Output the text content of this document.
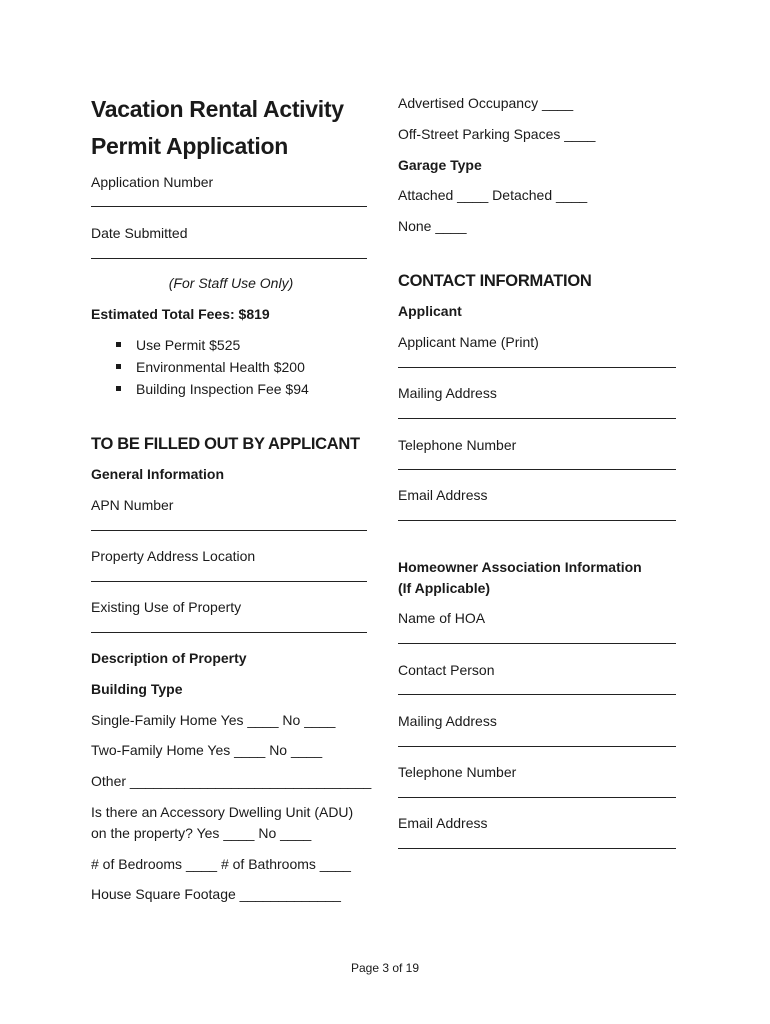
Vacation Rental Activity
Permit Application
Application Number
Date Submitted
(For Staff Use Only)
Estimated Total Fees: $819
Use Permit $525
Environmental Health $200
Building Inspection Fee $94
TO BE FILLED OUT BY APPLICANT
General Information
APN Number
Property Address Location
Existing Use of Property
Description of Property
Building Type
Single-Family Home Yes ____ No ____
Two-Family Home Yes ____ No ____
Other _______________________________
Is there an Accessory Dwelling Unit (ADU)
on the property? Yes ____ No ____
# of Bedrooms ____ # of Bathrooms ____
House Square Footage _____________
Advertised Occupancy ____
Off-Street Parking Spaces ____
Garage Type
Attached ____ Detached ____
None ____
CONTACT INFORMATION
Applicant
Applicant Name (Print)
Mailing Address
Telephone Number
Email Address
Homeowner Association Information
(If Applicable)
Name of HOA
Contact Person
Mailing Address
Telephone Number
Email Address
Page 3 of 19
